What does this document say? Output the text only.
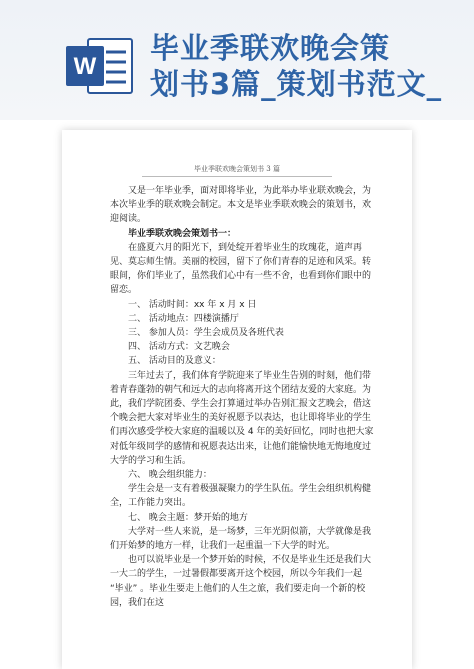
W
毕业季联欢晚会策
划书3篇_策划书范文_
毕业季联欢晚会策划书 3 篇

又是一年毕业季，面对即将毕业，为此举办毕业联欢晚会，为本次毕业季的联欢晚会制定。本文是毕业季联欢晚会的策划书，欢迎阅读。

毕业季联欢晚会策划书一：

在盛夏六月的阳光下，到处绽开着毕业生的玫瑰花，道声再见、莫忘师生情。美丽的校园，留下了你们青春的足迹和风采。转眼间，你们毕业了，虽然我们心中有一些不舍，也看到你们眼中的留恋。

一、 活动时间：xx 年 x 月 x 日

二、 活动地点：四楼演播厅

三、 参加人员：学生会成员及各班代表

四、 活动方式：文艺晚会

五、 活动目的及意义：

三年过去了，我们体育学院迎来了毕业生告别的时刻，他们带着青春蓬勃的朝气和远大的志向将离开这个团结友爱的大家庭。为此，我们学院团委、学生会打算通过举办告别汇报文艺晚会，借这个晚会把大家对毕业生的美好祝愿予以表达，也让即将毕业的学生们再次感受学校大家庭的温暖以及 4 年的美好回忆，同时也把大家对低年级同学的感情和祝愿表达出来，让他们能愉快地无悔地度过大学的学习和生活。

六、 晚会组织能力：

学生会是一支有着极强凝聚力的学生队伍。学生会组织机构健全，工作能力突出。

七、 晚会主题：梦开始的地方

大学对一些人来说，是一场梦，三年光阴似箭，大学就像是我们开始梦的地方一样，让我们一起重温一下大学的时光。

也可以说毕业是一个梦开始的时候，不仅是毕业生还是我们大一大二的学生，一过暑假都要离开这个校园，所以今年我们一起 “毕业” 。毕业生要走上他们的人生之旅，我们要走向一个新的校园，我们在这
